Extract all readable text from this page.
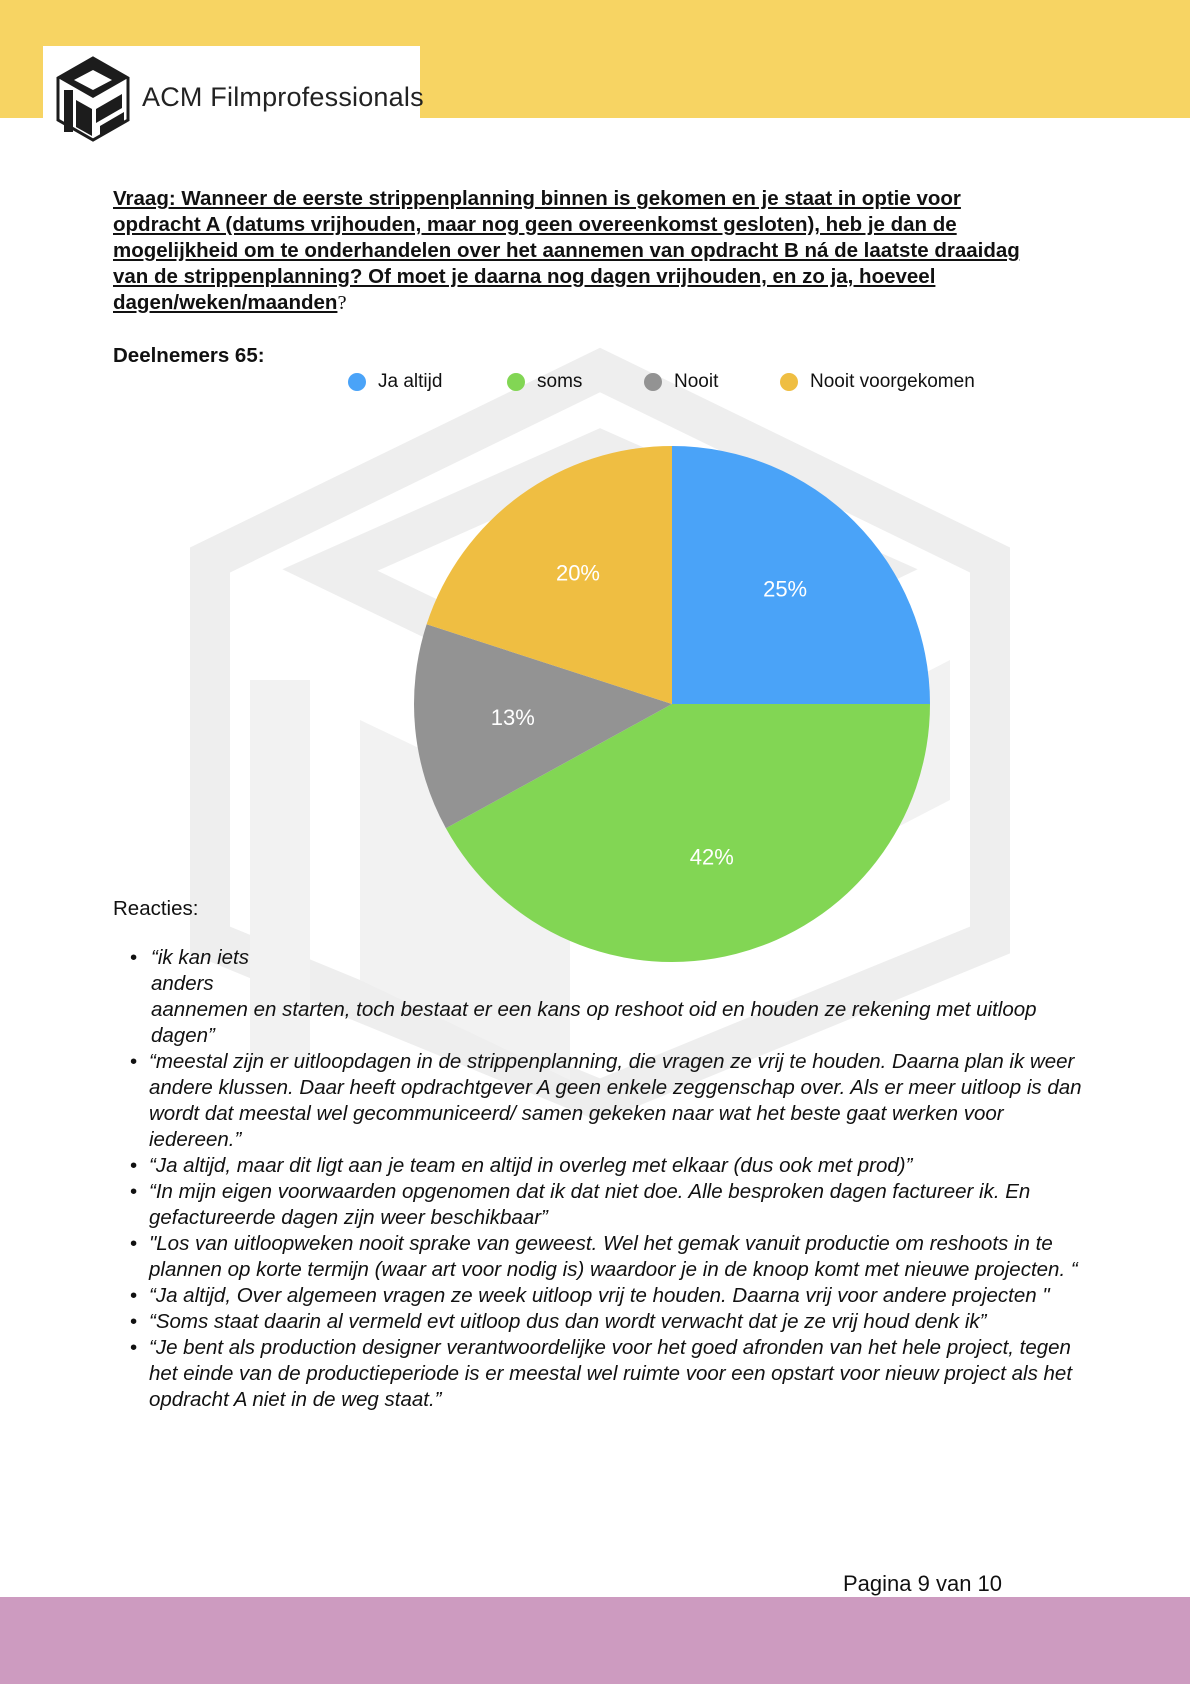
ACM Filmprofessionals
Vraag: Wanneer de eerste strippenplanning binnen is gekomen en je staat in optie voor opdracht A (datums vrijhouden, maar nog geen overeenkomst gesloten), heb je dan de mogelijkheid om te onderhandelen over het aannemen van opdracht B ná de laatste draaidag van de strippenplanning? Of moet je daarna nog dagen vrijhouden, en zo ja, hoeveel dagen/weken/maanden?
Deelnemers 65:
Ja altijd	soms	Nooit	Nooit voorgekomen
25%
42%
13%
20%
Reacties:
• “ik kan iets anders
aannemen en starten, toch bestaat er een kans op reshoot oid en houden ze rekening met uitloop dagen”
• “meestal zijn er uitloopdagen in de strippenplanning, die vragen ze vrij te houden. Daarna plan ik weer andere klussen. Daar heeft opdrachtgever A geen enkele zeggenschap over. Als er meer uitloop is dan wordt dat meestal wel gecommuniceerd/ samen gekeken naar wat het beste gaat werken voor iedereen.”
• “Ja altijd, maar dit ligt aan je team en altijd in overleg met elkaar (dus ook met prod)”
• “In mijn eigen voorwaarden opgenomen dat ik dat niet doe. Alle besproken dagen factureer ik. En gefactureerde dagen zijn weer beschikbaar”
• "Los van uitloopweken nooit sprake van geweest. Wel het gemak vanuit productie om reshoots in te plannen op korte termijn (waar art voor nodig is) waardoor je in de knoop komt met nieuwe projecten. “
• “Ja altijd, Over algemeen vragen ze week uitloop vrij te houden. Daarna vrij voor andere projecten "
• “Soms staat daarin al vermeld evt uitloop dus dan wordt verwacht dat je ze vrij houd denk ik”
• “Je bent als production designer verantwoordelijke voor het goed afronden van het hele project, tegen het einde van de productieperiode is er meestal wel ruimte voor een opstart voor nieuw project als het opdracht A niet in de weg staat.”
Pagina 9 van 10
